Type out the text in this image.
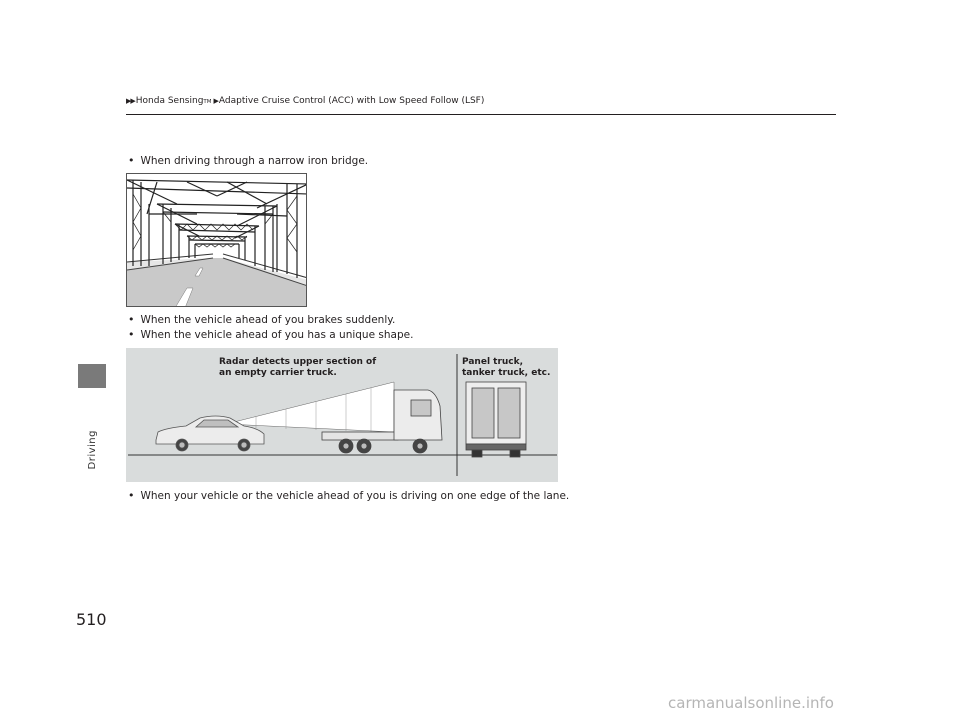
Driving
▶▶ Honda Sensing TM ▶ Adaptive Cruise Control (ACC) with Low Speed Follow (LSF)
• When driving through a narrow iron bridge.
• When the vehicle ahead of you brakes suddenly.
• When the vehicle ahead of you has a unique shape.
Radar detects upper section of
an empty carrier truck.
Panel truck,
tanker truck, etc.
• When your vehicle or the vehicle ahead of you is driving on one edge of the lane.
510
carmanualsonline.info
